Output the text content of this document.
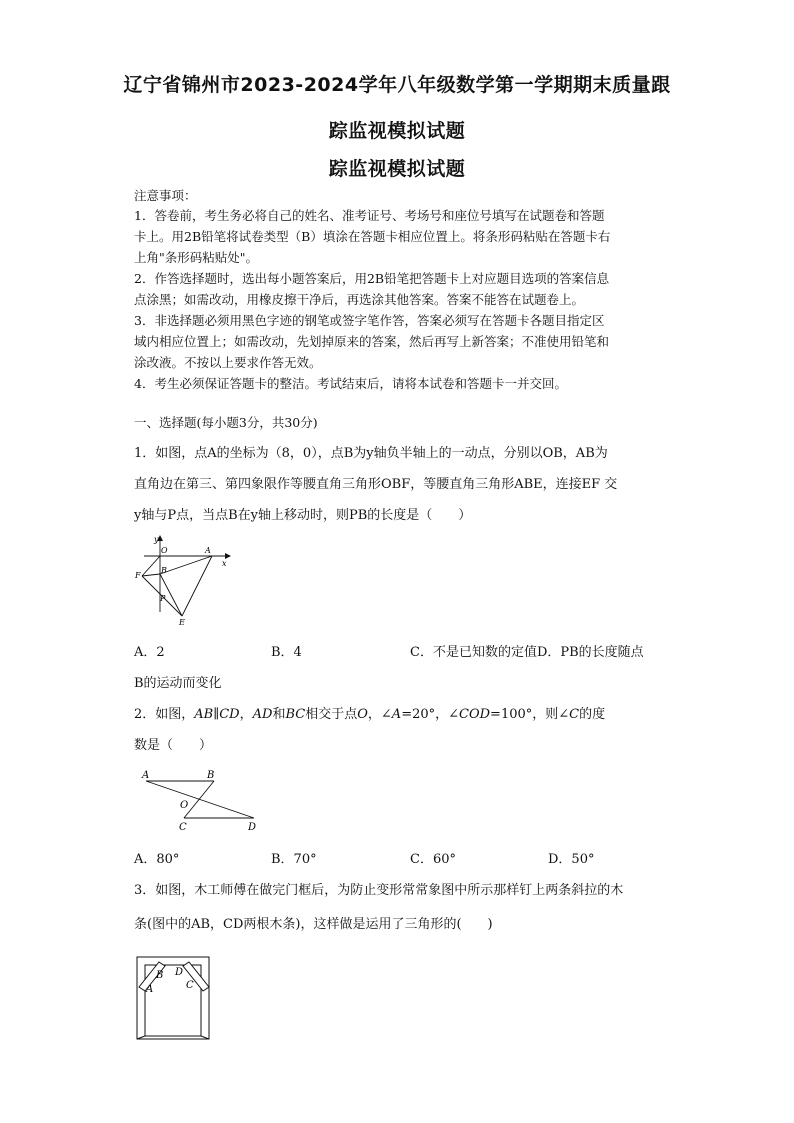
辽宁省锦州市2023-2024学年八年级数学第一学期期末质量跟
踪监视模拟试题
踪监视模拟试题
注意事项：
1．答卷前，考生务必将自己的姓名、准考证号、考场号和座位号填写在试题卷和答题
卡上。用2B铅笔将试卷类型（B）填涂在答题卡相应位置上。将条形码粘贴在答题卡右
上角"条形码粘贴处"。
2．作答选择题时，选出每小题答案后，用2B铅笔把答题卡上对应题目选项的答案信息
点涂黑；如需改动，用橡皮擦干净后，再选涂其他答案。答案不能答在试题卷上。
3．非选择题必须用黑色字迹的钢笔或签字笔作答，答案必须写在答题卡各题目指定区
域内相应位置上；如需改动，先划掉原来的答案，然后再写上新答案；不准使用铅笔和
涂改液。不按以上要求作答无效。
4．考生必须保证答题卡的整洁。考试结束后，请将本试卷和答题卡一并交回。
一、选择题(每小题3分，共30分)
1．如图，点A的坐标为（8，0），点B为y轴负半轴上的一动点，分别以OB，AB为
直角边在第三、第四象限作等腰直角三角形OBF，等腰直角三角形ABE，连接EF 交
y轴与P点，当点B在y轴上移动时，则PB的长度是（　　）
y
x
O	A
B
F
P
E
A．2	B．4	C．不是已知数的定值D．PB的长度随点
B的运动而变化
2．如图，AB∥CD，AD和BC相交于点O，∠A=20°，∠COD=100°，则∠C的度
数是（　　）
A	B
O
C	D
A．80°	B．70°	C．60°	D．50°
3．如图，木工师傅在做完门框后，为防止变形常常象图中所示那样钉上两条斜拉的木
条(图中的AB，CD两根木条)，这样做是运用了三角形的(　　)
A
B
C
D
